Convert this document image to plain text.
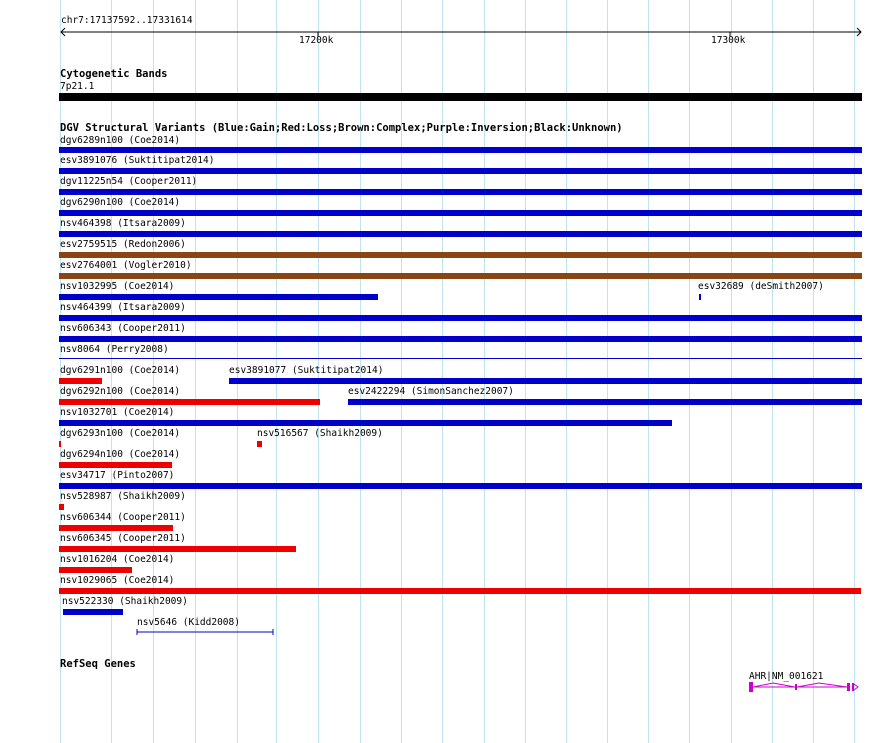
chr7:17137592..17331614
17200k	17300k
Cytogenetic Bands
7p21.1
DGV Structural Variants (Blue:Gain;Red:Loss;Brown:Complex;Purple:Inversion;Black:Unknown)
dgv6289n100 (Coe2014)
esv3891076 (Suktitipat2014)
dgv11225n54 (Cooper2011)
dgv6290n100 (Coe2014)
nsv464398 (Itsara2009)
esv2759515 (Redon2006)
esv2764001 (Vogler2010)
nsv1032995 (Coe2014)	esv32689 (deSmith2007)
nsv464399 (Itsara2009)
nsv606343 (Cooper2011)
nsv8064 (Perry2008)
dgv6291n100 (Coe2014)	esv3891077 (Suktitipat2014)
dgv6292n100 (Coe2014)	esv2422294 (SimonSanchez2007)
nsv1032701 (Coe2014)
dgv6293n100 (Coe2014)	nsv516567 (Shaikh2009)
dgv6294n100 (Coe2014)
esv34717 (Pinto2007)
nsv528987 (Shaikh2009)
nsv606344 (Cooper2011)
nsv606345 (Cooper2011)
nsv1016204 (Coe2014)
nsv1029065 (Coe2014)
nsv522330 (Shaikh2009)
nsv5646 (Kidd2008)
RefSeq Genes
AHR|NM_001621
